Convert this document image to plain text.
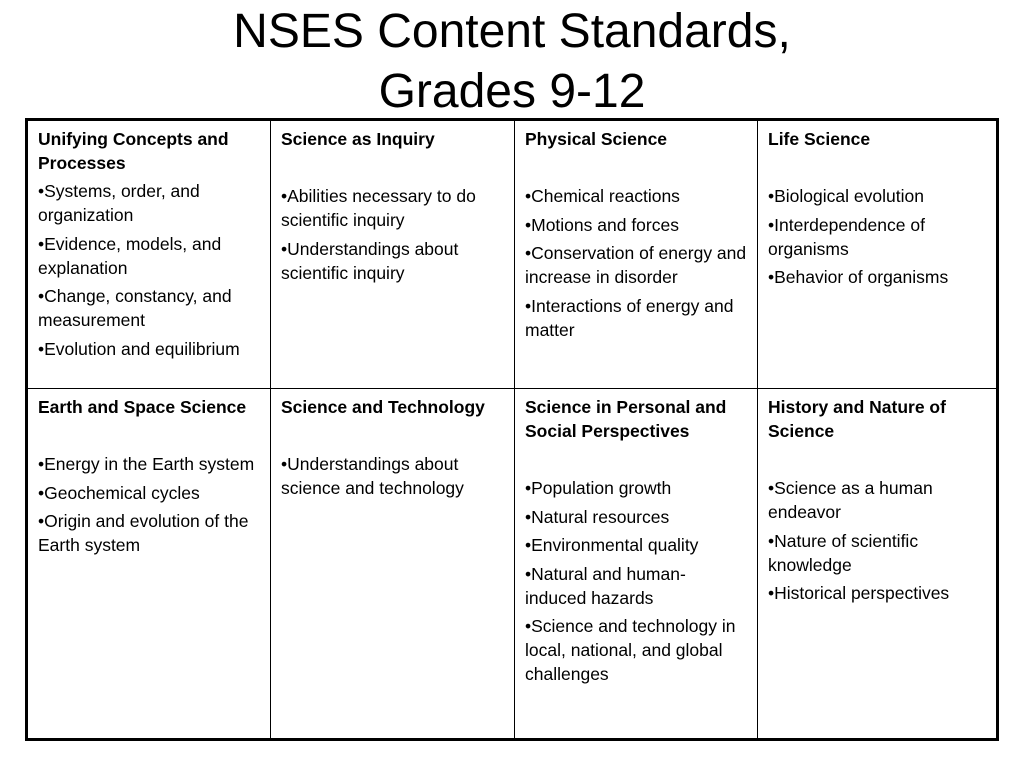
NSES Content Standards,
Grades 9-12

Unifying Concepts and Processes

•Systems, order, and organization

•Evidence, models, and explanation

•Change, constancy, and measurement

•Evolution and equilibrium

Science as Inquiry

•Abilities necessary to do scientific inquiry

•Understandings about scientific inquiry

Physical Science

•Chemical reactions

•Motions and forces

•Conservation of energy and increase in disorder

•Interactions of energy and matter

Life Science

•Biological evolution

•Interdependence of organisms

•Behavior of organisms

Earth and Space Science

•Energy in the Earth system

•Geochemical cycles

•Origin and evolution of the Earth system

Science and Technology

•Understandings about science and technology

Science in Personal and Social Perspectives

•Population growth

•Natural resources

•Environmental quality

•Natural and human-induced hazards

•Science and technology in local, national, and global challenges

History and Nature of Science

•Science as a human endeavor

•Nature of scientific knowledge

•Historical perspectives
